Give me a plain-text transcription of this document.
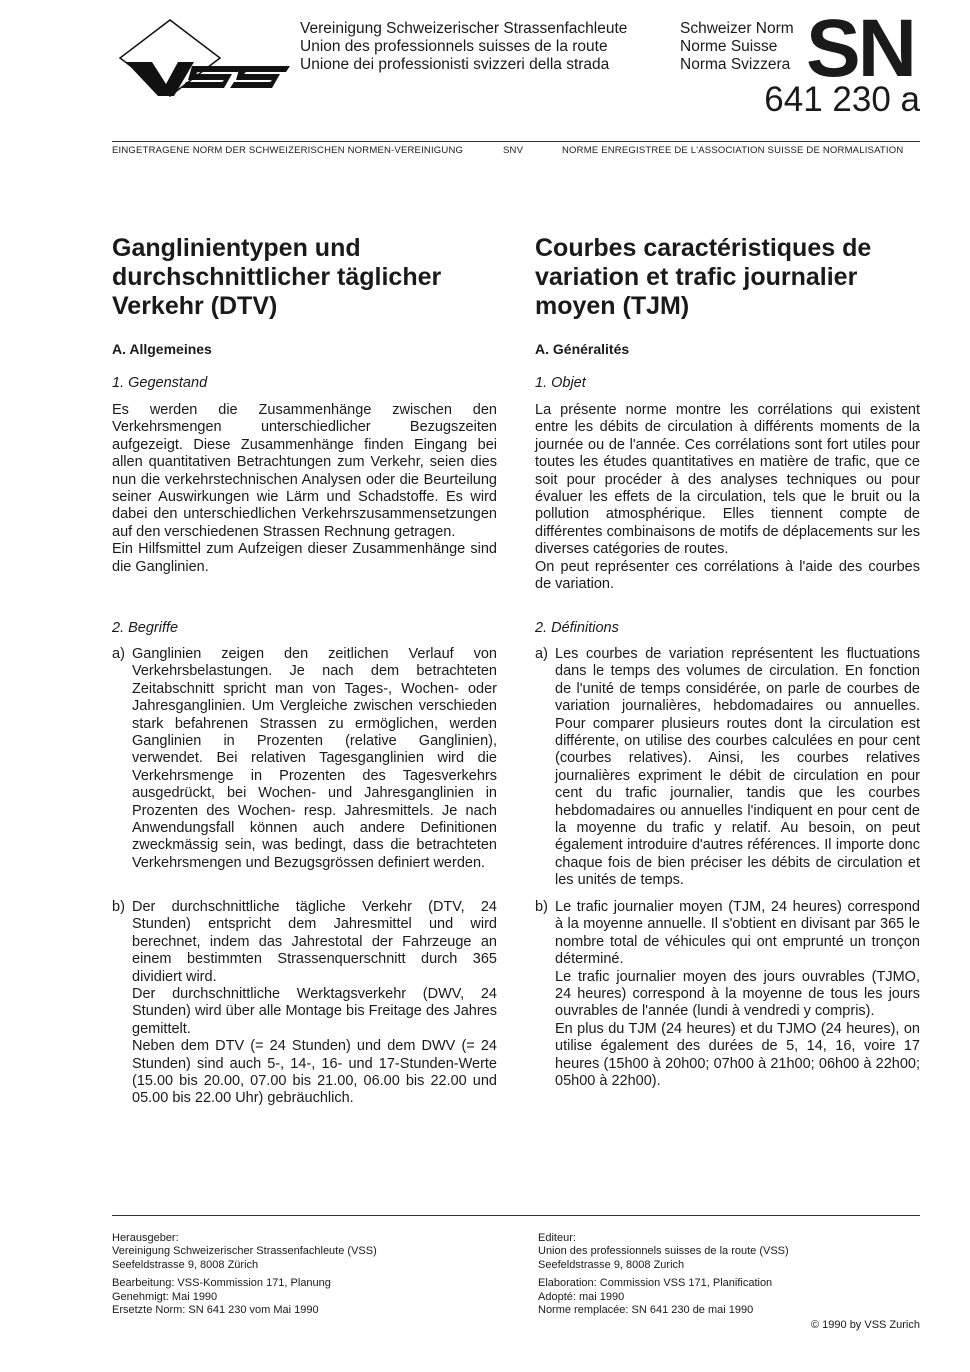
Vereinigung Schweizerischer Strassenfachleute
Union des professionnels suisses de la route
Unione dei professionisti svizzeri della strada
Schweizer Norm
Norme Suisse
Norma Svizzera SN
641 230 a
EINGETRAGENE NORM DER SCHWEIZERISCHEN NORMEN-VEREINIGUNG	SNV	NORME ENREGISTREE DE L'ASSOCIATION SUISSE DE NORMALISATION
Ganglinientypen und durchschnittlicher täglicher Verkehr (DTV)
A. Allgemeines
1. Gegenstand

Es werden die Zusammenhänge zwischen den Verkehrsmengen unterschiedlicher Bezugszeiten aufgezeigt. Diese Zusammenhänge finden Eingang bei allen quantitativen Betrachtungen zum Verkehr, seien dies nun die verkehrstechnischen Analysen oder die Beurteilung seiner Auswirkungen wie Lärm und Schadstoffe. Es wird dabei den unterschiedlichen Verkehrszusammensetzungen auf den verschiedenen Strassen Rechnung getragen.

Ein Hilfsmittel zum Aufzeigen dieser Zusammenhänge sind die Ganglinien.

2. Begriffe
a) Ganglinien zeigen den zeitlichen Verlauf von Verkehrsbelastungen. Je nach dem betrachteten Zeitabschnitt spricht man von Tages-, Wochen- oder Jahresganglinien. Um Vergleiche zwischen verschieden stark befahrenen Strassen zu ermöglichen, werden Ganglinien in Prozenten (relative Ganglinien), verwendet. Bei relativen Tagesganglinien wird die Verkehrsmenge in Prozenten des Tagesverkehrs ausgedrückt, bei Wochen- und Jahresganglinien in Prozenten des Wochen- resp. Jahresmittels. Je nach Anwendungsfall können auch andere Definitionen zweckmässig sein, was bedingt, dass die betrachteten Verkehrsmengen und Bezugsgrössen definiert werden.

b) Der durchschnittliche tägliche Verkehr (DTV, 24 Stunden) entspricht dem Jahresmittel und wird berechnet, indem das Jahrestotal der Fahrzeuge an einem bestimmten Strassenquerschnitt durch 365 dividiert wird.

Der durchschnittliche Werktagsverkehr (DWV, 24 Stunden) wird über alle Montage bis Freitage des Jahres gemittelt.

Neben dem DTV (= 24 Stunden) und dem DWV (= 24 Stunden) sind auch 5-, 14-, 16- und 17-Stunden-Werte (15.00 bis 20.00, 07.00 bis 21.00, 06.00 bis 22.00 und 05.00 bis 22.00 Uhr) gebräuchlich.

Courbes caractéristiques de variation et trafic journalier moyen (TJM)
A. Généralités
1. Objet

La présente norme montre les corrélations qui existent entre les débits de circulation à différents moments de la journée ou de l'année. Ces corrélations sont fort utiles pour toutes les études quantitatives en matière de trafic, que ce soit pour procéder à des analyses techniques ou pour évaluer les effets de la circulation, tels que le bruit ou la pollution atmosphérique. Elles tiennent compte de différentes combinaisons de motifs de déplacements sur les diverses catégories de routes.

On peut représenter ces corrélations à l'aide des courbes de variation.

2. Définitions
a) Les courbes de variation représentent les fluctuations dans le temps des volumes de circulation. En fonction de l'unité de temps considérée, on parle de courbes de variation journalières, hebdomadaires ou annuelles. Pour comparer plusieurs routes dont la circulation est différente, on utilise des courbes calculées en pour cent (courbes relatives). Ainsi, les courbes relatives journalières expriment le débit de circulation en pour cent du trafic journalier, tandis que les courbes hebdomadaires ou annuelles l'indiquent en pour cent de la moyenne du trafic y relatif. Au besoin, on peut également introduire d'autres références. Il importe donc chaque fois de bien préciser les débits de circulation et les unités de temps.

b) Le trafic journalier moyen (TJM, 24 heures) correspond à la moyenne annuelle. Il s'obtient en divisant par 365 le nombre total de véhicules qui ont emprunté un tronçon déterminé.

Le trafic journalier moyen des jours ouvrables (TJMO, 24 heures) correspond à la moyenne de tous les jours ouvrables de l'année (lundi à vendredi y compris).

En plus du TJM (24 heures) et du TJMO (24 heures), on utilise également des durées de 5, 14, 16, voire 17 heures (15h00 à 20h00; 07h00 à 21h00; 06h00 à 22h00; 05h00 à 22h00).

Herausgeber:

Vereinigung Schweizerischer Strassenfachleute (VSS)

Seefeldstrasse 9, 8008 Zürich

Bearbeitung: VSS-Kommission 171, Planung

Genehmigt: Mai 1990

Ersetzte Norm: SN 641 230 vom Mai 1990

Editeur:

Union des professionnels suisses de la route (VSS)

Seefeldstrasse 9, 8008 Zurich

Elaboration: Commission VSS 171, Planification

Adopté: mai 1990

Norme remplacée: SN 641 230 de mai 1990

© 1990 by VSS Zurich
